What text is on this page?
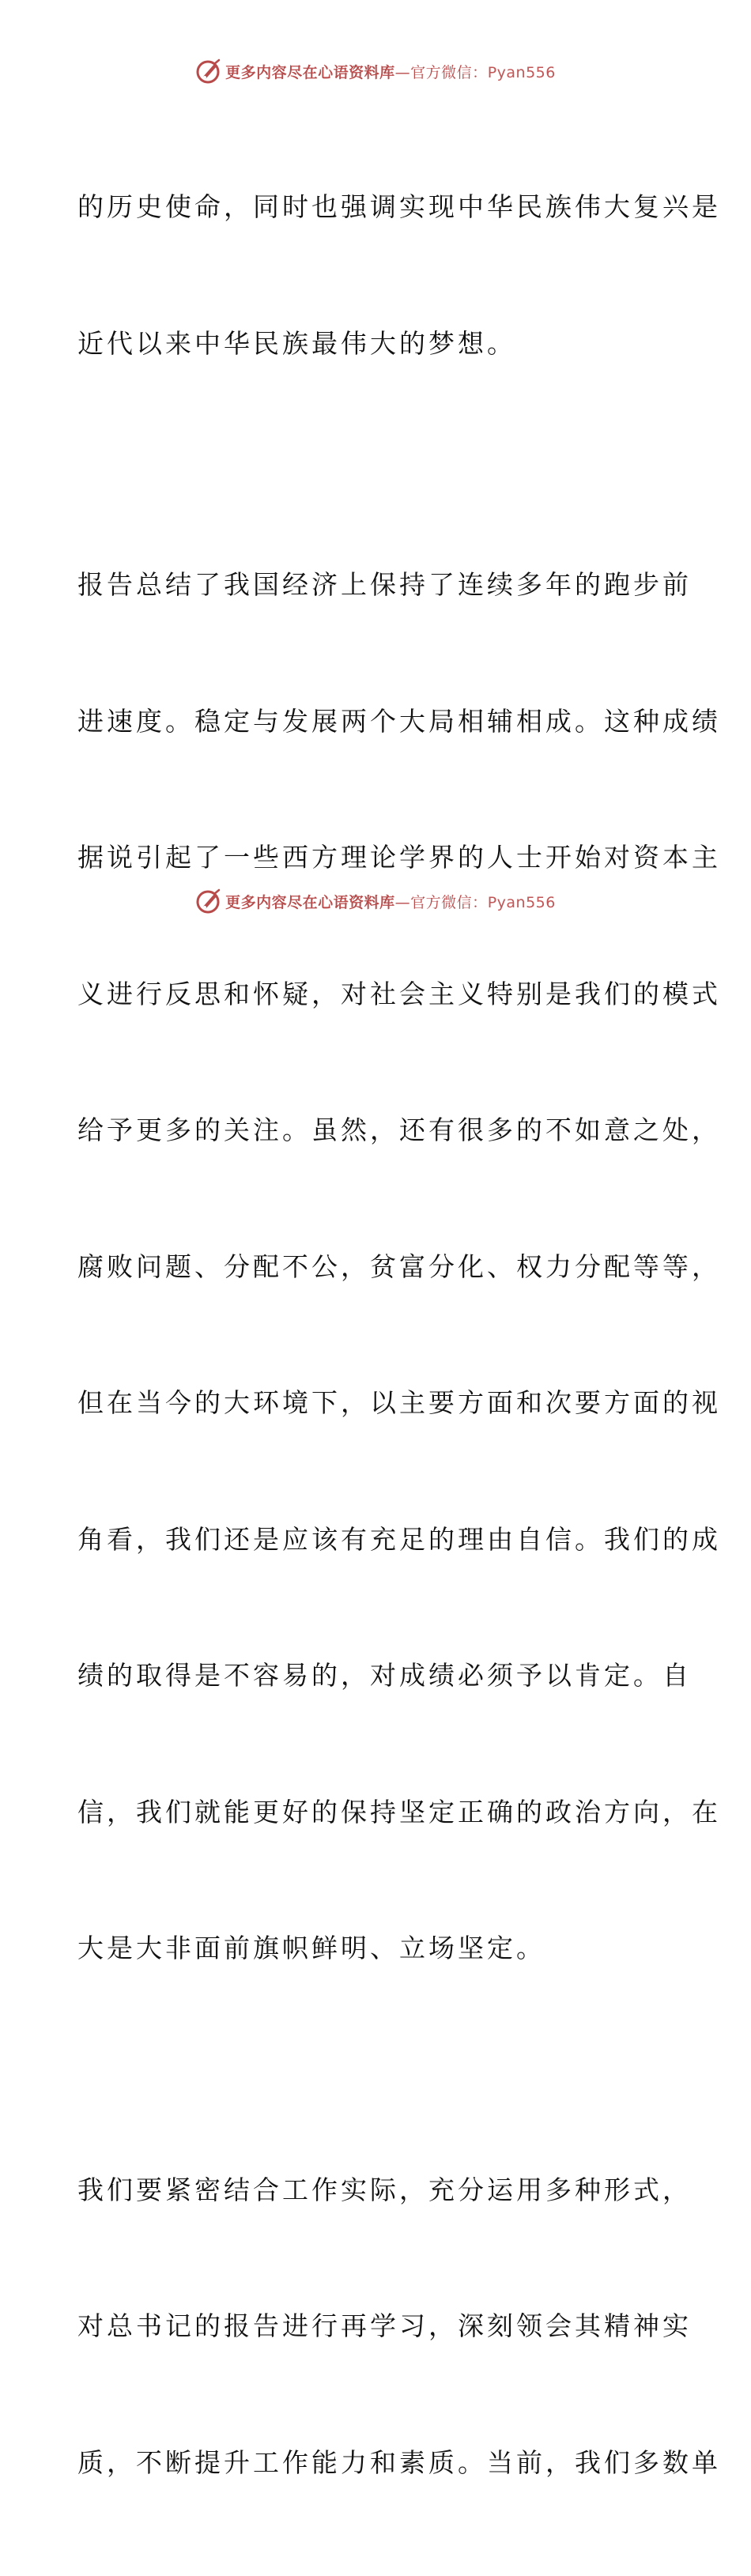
更多内容尽在心语资料库—官方微信：Pyan556

的历史使命，同时也强调实现中华民族伟大复兴是

近代以来中华民族最伟大的梦想。

报告总结了我国经济上保持了连续多年的跑步前

进速度。稳定与发展两个大局相辅相成。这种成绩

据说引起了一些西方理论学界的人士开始对资本主

义进行反思和怀疑，对社会主义特别是我们的模式

给予更多的关注。虽然，还有很多的不如意之处，

腐败问题、分配不公，贫富分化、权力分配等等，

但在当今的大环境下，以主要方面和次要方面的视

角看，我们还是应该有充足的理由自信。我们的成

绩的取得是不容易的，对成绩必须予以肯定。自

信，我们就能更好的保持坚定正确的政治方向，在

大是大非面前旗帜鲜明、立场坚定。

我们要紧密结合工作实际，充分运用多种形式，

对总书记的报告进行再学习，深刻领会其精神实

质，不断提升工作能力和素质。当前，我们多数单

更多内容尽在心语资料库—官方微信：Pyan556
